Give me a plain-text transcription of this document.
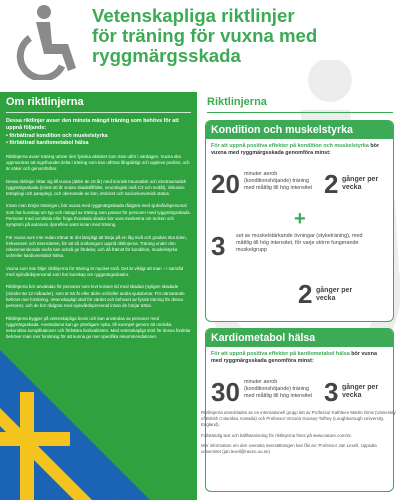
Vetenskapliga riktlinjer
för träning för vuxna med
ryggmärgsskada
Om riktlinjerna

Dessa riktlinjer avser den minsta mängd träning som behövs för att uppnå följande:

• förbättrad kondition och muskelstyrka
• förbättrad kardiometabol hälsa

Riktlinjerna avser träning utöver den fysiska aktivitet som man utför i vardagen. Vuxna ska uppmuntras att regelbundet delta i träning som kan utföras långsiktigt och upplevs positivt, och är säker och genomförbar.

Dessa riktlinjer riktar sig till vuxna (äldre än 18 år) med kronisk traumatisk och icketraumatisk ryggmärgsskada (minst ett år sedan skadetillfället, neurologisk nivå C3 och nedåt), inklusive tetraplegi och paraplegi, och oberoende av kön, etnicitet och socioekonomisk status.

Innan man börjar träningen, bör vuxna med ryggmärgsskada rådgöra med sjukvårdspersonal som har kunskap om typ och mängd av träning som passar för personer med ryggmärgsskada. Personer med cervikala eller höga thorakala skador bör vara medvetna om tecken och symptom på autonom dysreflexi samt innan med träning.

För vuxna som inte redan tränar är det lämpligt att börja på en låg nivå och gradvis öka tiden, frekvensen och intensiteten, för att så småningom uppnå riktlinjerna. Träning under den rekommenderade nivån kan också ge fördelar, och då främst för kondition, muskelstyrka och/eller kardiometabol hälsa.

Vuxna som inte följer riktlinjerna för träning är mycket små. Det är viktigt att man – i samråd med sjukvårdspersonal som har kunskap om ryggmärgsskador.

Riktlinjerna bör användas för personer som levt kortare tid med skadan (nyligen skadade (mindre än 12 månader), som är 65 år eller äldre och/eller andra sjukdomar. För närvarande behövs mer forskning. Vetenskapligt stöd för värdet och behovet av fysisk träning för dessa personer, och de bör rådgöra med sjukvårdspersonal innan de börjar träna.

Riktlinjerna bygger på vetenskapliga bevis och kan användas av personer med ryggmärgsskada. Användarna kan ge ytterligare nytta, till exempel genom att undvika sekundära komplikationer och förbättra livskvaliteten. Med vetenskapligt stöd för dessa fördelar behöver man mer forskning för att kunna ge mer specifika rekommendationer.

Riktlinjerna
Kondition och muskelstyrka

För att uppnå positiva effekter på kondition och muskelstyrka bör vuxna med ryggmärgsskada genomföra minst:

20 minuter aerob (konditionshöjande) träning med måttlig till hög intensitet 2 gånger per vecka
+
3 set av muskelstärkande övningar (styketräning), med måttlig till hög intensitet, för varje större fungerande muskelgrupp
2 gånger per vecka
Kardiometabol hälsa

För att uppnå positiva effekter på kardiometabol hälsa bör vuxna med ryggmärgsskada genomföra minst:

30 minuter aerob (konditionshöjande) träning med måttlig till hög intensitet 3 gånger per vecka

Riktlinjerna utvecklades av en internationell grupp lett av Professor Kathleen Martin Ginis (University of British Columbia, Kanada) och Professor Victoria Goosey-Tolfrey (Loughborough University, England).

Fullständig text och källhänvisning för riktlinjerna finns på www.nature.com/sc.

Mer information om den svenska översättningen kan fås av: Professor Jan Lexell, Uppsala universitet (jan.lexell@neuro.uu.se).
